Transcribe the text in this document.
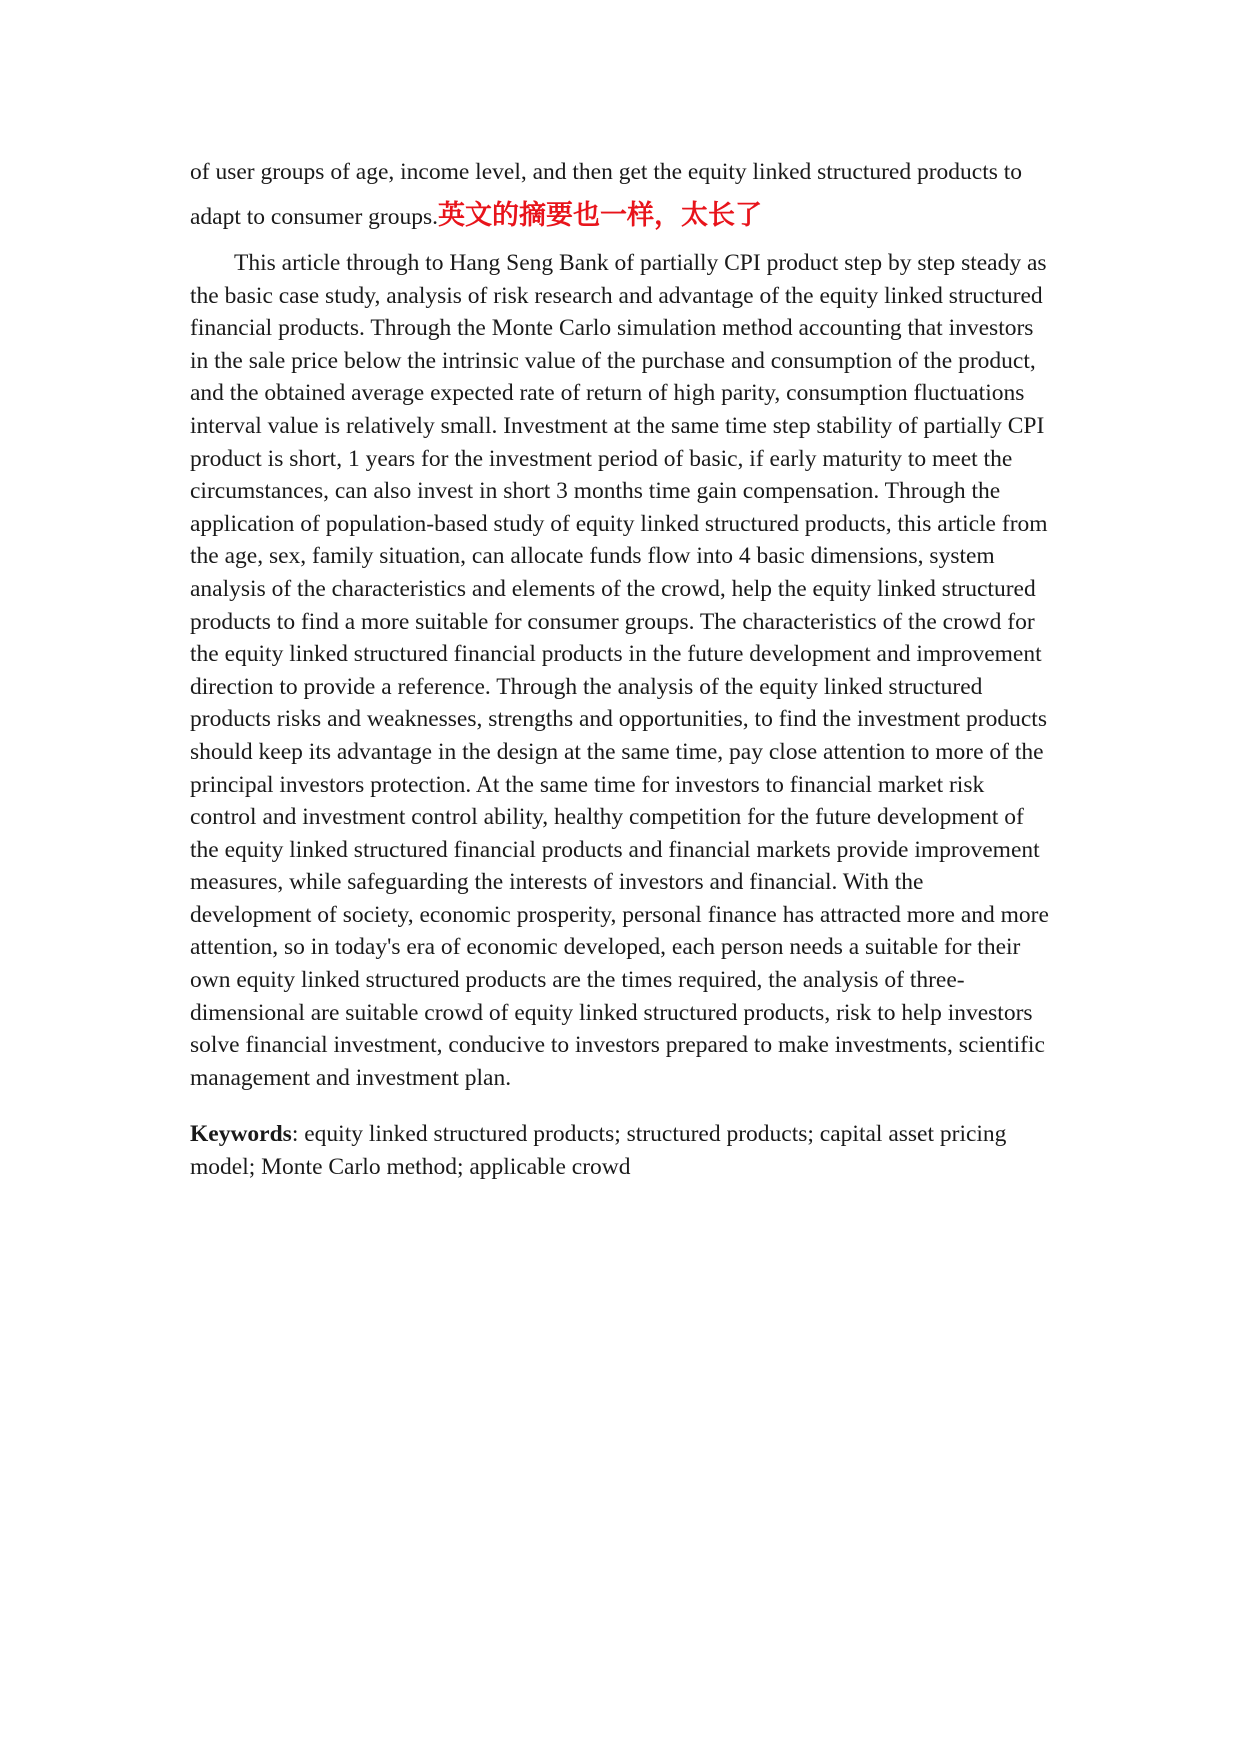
of user groups of age, income level, and then get the equity linked structured products to adapt to consumer groups.英文的摘要也一样，太长了

This article through to Hang Seng Bank of partially CPI product step by step steady as the basic case study, analysis of risk research and advantage of the equity linked structured financial products. Through the Monte Carlo simulation method accounting that investors in the sale price below the intrinsic value of the purchase and consumption of the product, and the obtained average expected rate of return of high parity, consumption fluctuations interval value is relatively small. Investment at the same time step stability of partially CPI product is short, 1 years for the investment period of basic, if early maturity to meet the circumstances, can also invest in short 3 months time gain compensation. Through the application of population-based study of equity linked structured products, this article from the age, sex, family situation, can allocate funds flow into 4 basic dimensions, system analysis of the characteristics and elements of the crowd, help the equity linked structured products to find a more suitable for consumer groups. The characteristics of the crowd for the equity linked structured financial products in the future development and improvement direction to provide a reference. Through the analysis of the equity linked structured products risks and weaknesses, strengths and opportunities, to find the investment products should keep its advantage in the design at the same time, pay close attention to more of the principal investors protection. At the same time for investors to financial market risk control and investment control ability, healthy competition for the future development of the equity linked structured financial products and financial markets provide improvement measures, while safeguarding the interests of investors and financial. With the development of society, economic prosperity, personal finance has attracted more and more attention, so in today's era of economic developed, each person needs a suitable for their own equity linked structured products are the times required, the analysis of three-dimensional are suitable crowd of equity linked structured products, risk to help investors solve financial investment, conducive to investors prepared to make investments, scientific management and investment plan.

Keywords: equity linked structured products; structured products; capital asset pricing model; Monte Carlo method; applicable crowd
